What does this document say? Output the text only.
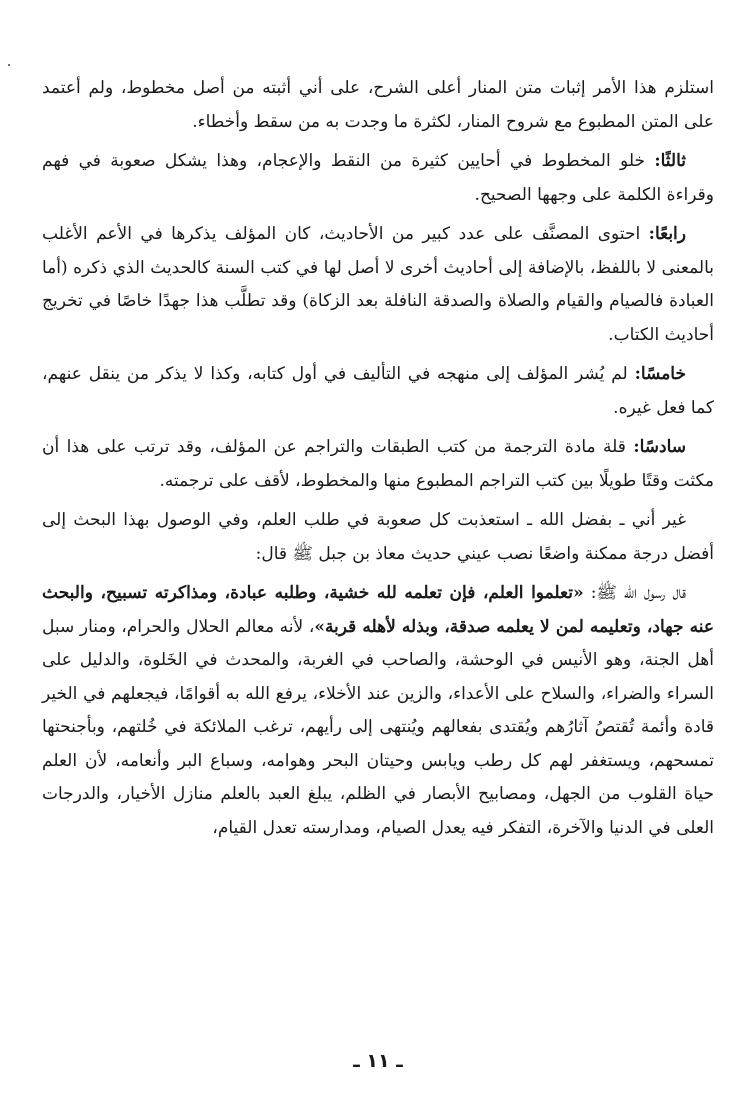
استلزم هذا الأمر إثبات متن المنار أعلى الشرح، على أني أثبته من أصل مخطوط، ولم أعتمد على المتن المطبوع مع شروح المنار، لكثرة ما وجدت به من سقط وأخطاء.

ثالثًا: خلو المخطوط في أحايين كثيرة من النقط والإعجام، وهذا يشكل صعوبة في فهم وقراءة الكلمة على وجهها الصحيح.

رابعًا: احتوى المصنَّف على عدد كبير من الأحاديث، كان المؤلف يذكرها في الأعم الأغلب بالمعنى لا باللفظ، بالإضافة إلى أحاديث أخرى لا أصل لها في كتب السنة كالحديث الذي ذكره (أما العبادة فالصيام والقيام والصلاة والصدقة النافلة بعد الزكاة) وقد تطلَّب هذا جهدًا خاصًا في تخريج أحاديث الكتاب.

خامسًا: لم يُشر المؤلف إلى منهجه في التأليف في أول كتابه، وكذا لا يذكر من ينقل عنهم، كما فعل غيره.

سادسًا: قلة مادة الترجمة من كتب الطبقات والتراجم عن المؤلف، وقد ترتب على هذا أن مكثت وقتًا طويلًا بين كتب التراجم المطبوع منها والمخطوط، لأقف على ترجمته.

غير أني ـ بفضل الله ـ استعذبت كل صعوبة في طلب العلم، وفي الوصول بهذا البحث إلى أفضل درجة ممكنة واضعًا نصب عيني حديث معاذ بن جبل ﷺ قال:

قال رسول الله ﷺ: «تعلموا العلم، فإن تعلمه لله خشية، وطلبه عبادة، ومذاكرته تسبيح، والبحث عنه جهاد، وتعليمه لمن لا يعلمه صدقة، وبذله لأهله قربة»، لأنه معالم الحلال والحرام، ومنار سبل أهل الجنة، وهو الأنيس في الوحشة، والصاحب في الغربة، والمحدث في الخَلوة، والدليل على السراء والضراء، والسلاح على الأعداء، والزين عند الأخلاء، يرفع الله به أقوامًا، فيجعلهم في الخير قادة وأئمة تُقتصُ آثارُهم ويُقتدى بفعالهم ويُنتهى إلى رأيهم، ترغب الملائكة في خُلتهم، وبأجنحتها تمسحهم، ويستغفر لهم كل رطب ويابس وحيتان البحر وهوامه، وسباع البر وأنعامه، لأن العلم حياة القلوب من الجهل، ومصابيح الأبصار في الظلم، يبلغ العبد بالعلم منازل الأخيار، والدرجات العلى في الدنيا والآخرة، التفكر فيه يعدل الصيام، ومدارسته تعدل القيام،

ـ ١١ ـ
